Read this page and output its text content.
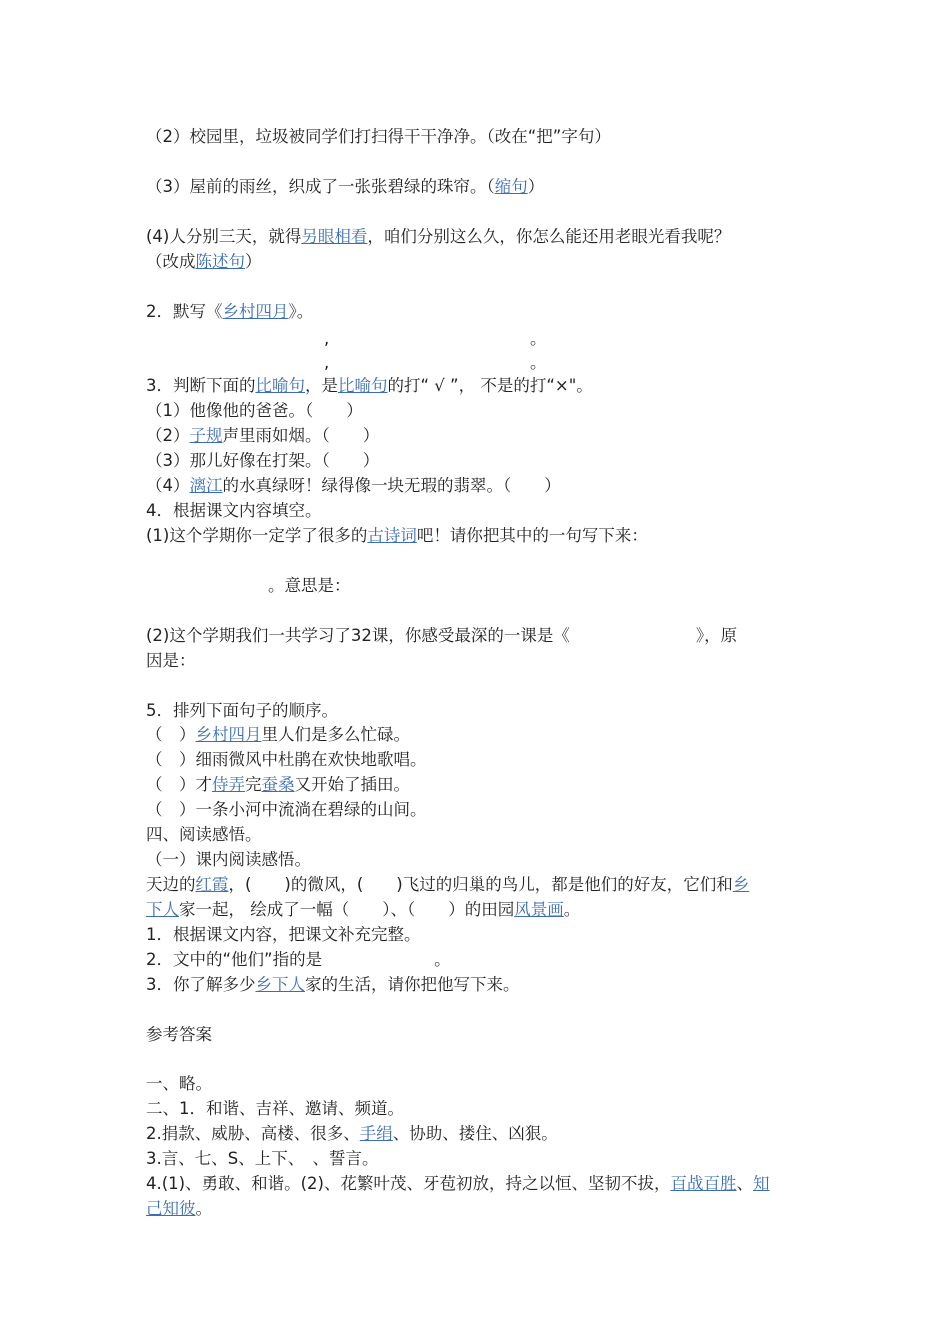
（2）校园里，垃圾被同学们打扫得干干净净。（改在“把”字句）
（3）屋前的雨丝，织成了一张张碧绿的珠帘。（缩句）
(4)人分别三天，就得另眼相看，咱们分别这么久，你怎么能还用老眼光看我呢？
（改成陈述句）
2．默写《乡村四月》。
,	。
,	。
3．判断下面的比喻句，是比喻句的打“ √ ”， 不是的打“×"。
（1）他像他的爸爸。（　　）
（2）子规声里雨如烟。（　　）
（3）那儿好像在打架。（　　）
（4）漓江的水真绿呀！绿得像一块无瑕的翡翠。（　　）
4．根据课文内容填空。
(1)这个学期你一定学了很多的古诗词吧！请你把其中的一句写下来：
。意思是：
(2)这个学期我们一共学习了32课，你感受最深的一课是《	》，原
因是：
5．排列下面句子的顺序。
（　）乡村四月里人们是多么忙碌。
（　）细雨微风中杜鹃在欢快地歌唱。
（　）才侍弄完蚕桑又开始了插田。
（　）一条小河中流淌在碧绿的山间。
四、阅读感悟。
（一）课内阅读感悟。
天边的红霞，(　　)的微风，(　　)飞过的归巢的鸟儿，都是他们的好友，它们和乡
下人家一起， 绘成了一幅（　　）、（　　）的田园风景画。
1．根据课文内容，把课文补充完整。
2．文中的“他们”指的是	。
3．你了解多少乡下人家的生活，请你把他写下来。
参考答案
一、略。
二、1．和谐、吉祥、邀请、频道。
2.捐款、威胁、高楼、很多、手绢、协助、搂住、凶狠。
3.言、七、S、上下、　、誓言。
4.(1)、勇敢、和谐。(2)、花繁叶茂、牙苞初放，持之以恒、坚韧不拔，百战百胜、知
己知彼。
